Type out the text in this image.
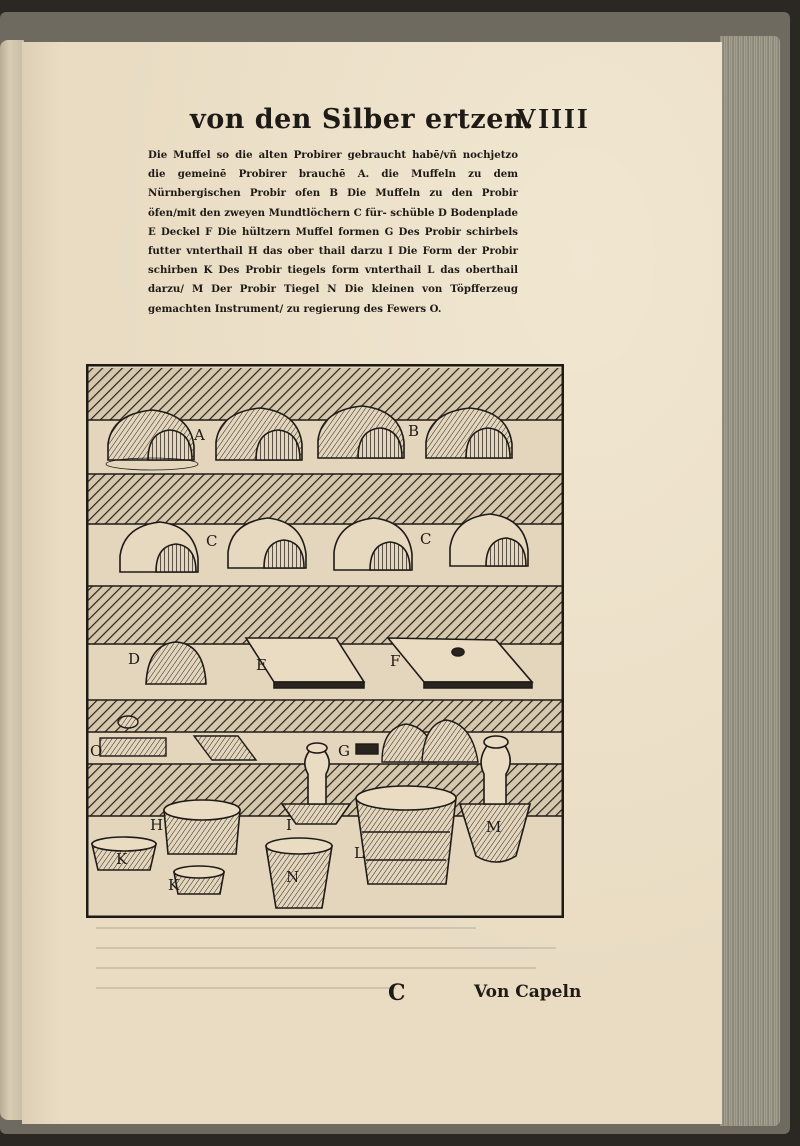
von den Silber ertzen.
VIIII
Die Muffel so die alten Probirer gebraucht habē/vñ nochjetzo die gemeinē Probirer brauchē A. die Muffeln zu dem Nürnbergischen Probir ofen B Die Muffeln zu den Probir öfen/mit den zweyen Mundtlöchern C für- schüble D Bodenplade E Deckel F Die hültzern Muffel formen G Des Probir schirbels futter vnterthail H das ober thail darzu I Die Form der Probir schirben K Des Probir tiegels form vnterthail L das oberthail darzu/ M Der Probir Tiegel N Die kleinen von Töpfferzeug gemachten Instrument/ zu regierung des Fewers O.
A	B
C	C
D	E	F
O	G
H	I
K
K
L
M
N
C	Von Capeln
